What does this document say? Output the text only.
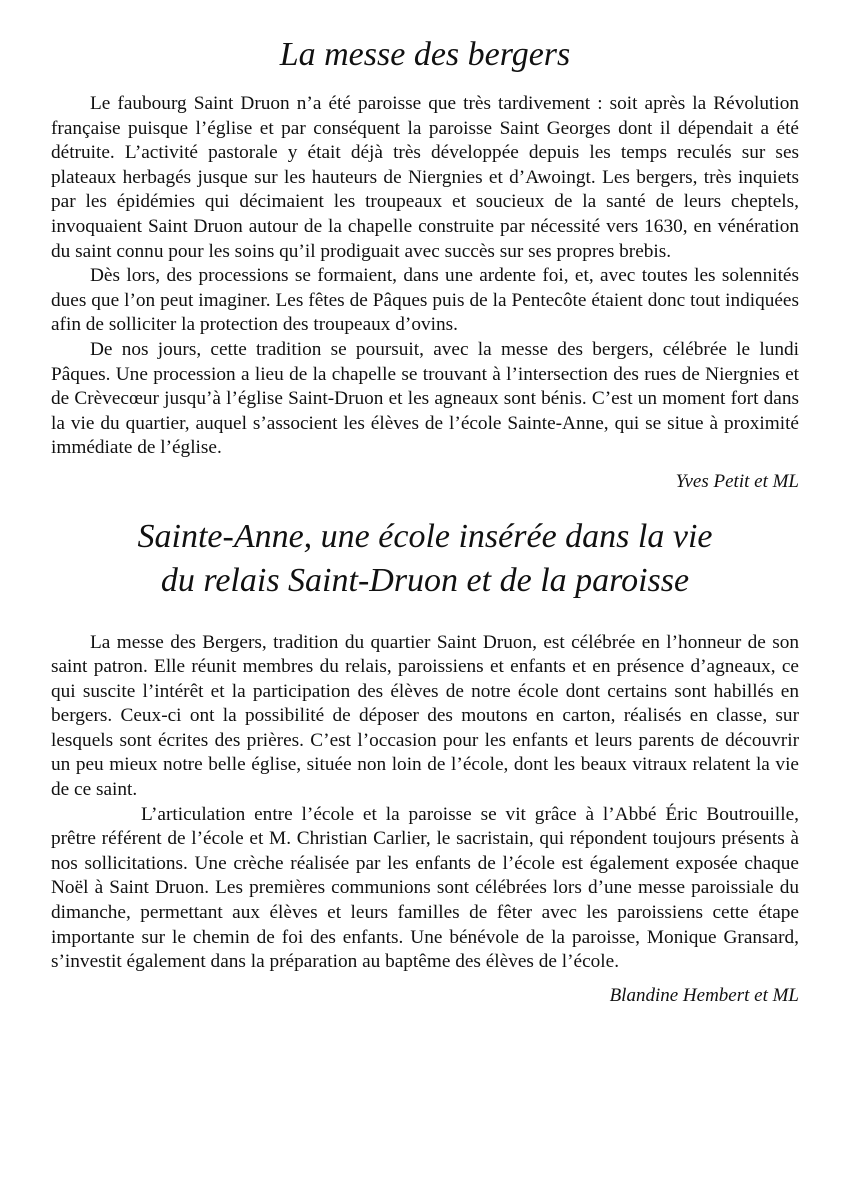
La messe des bergers

Le faubourg Saint Druon n’a été paroisse que très tardivement : soit après la Révolution française puisque l’église et par conséquent la paroisse Saint Georges dont il dépendait a été détruite. L’activité pastorale y était déjà très développée depuis les temps reculés sur ses plateaux herbagés jusque sur les hauteurs de Niergnies et d’Awoingt. Les bergers, très inquiets par les épidémies qui décimaient les troupeaux et soucieux de la santé de leurs cheptels, invoquaient Saint Druon autour de la chapelle construite par nécessité vers 1630, en vénération du saint connu pour les soins qu’il prodiguait avec succès sur ses propres brebis.

Dès lors, des processions se formaient, dans une ardente foi, et, avec toutes les solennités dues que l’on peut imaginer. Les fêtes de Pâques puis de la Pentecôte étaient donc tout indiquées afin de solliciter la protection des troupeaux d’ovins.

De nos jours, cette tradition se poursuit, avec la messe des bergers, célébrée le lundi Pâques. Une procession a lieu de la chapelle se trouvant à l’intersection des rues de Niergnies et de Crèvecœur jusqu’à l’église Saint-Druon et les agneaux sont bénis. C’est un moment fort dans la vie du quartier, auquel s’associent les élèves de l’école Sainte-Anne, qui se situe à proximité immédiate de l’église.

Yves Petit et ML

Sainte-Anne, une école insérée dans la vie
du relais Saint-Druon et de la paroisse

La messe des Bergers, tradition du quartier Saint Druon, est célébrée en l’honneur de son saint patron. Elle réunit membres du relais, paroissiens et enfants et en présence d’agneaux, ce qui suscite l’intérêt et la participation des élèves de notre école dont certains sont habillés en bergers. Ceux-ci ont la possibilité de déposer des moutons en carton, réalisés en classe, sur lesquels sont écrites des prières. C’est l’occasion pour les enfants et leurs parents de découvrir un peu mieux notre belle église, située non loin de l’école, dont les beaux vitraux relatent la vie de ce saint.

L’articulation entre l’école et la paroisse se vit grâce à l’Abbé Éric Boutrouille, prêtre référent de l’école et M. Christian Carlier, le sacristain, qui répondent toujours présents à nos sollicitations. Une crèche réalisée par les enfants de l’école est également exposée chaque Noël à Saint Druon. Les premières communions sont célébrées lors d’une messe paroissiale du dimanche, permettant aux élèves et leurs familles de fêter avec les paroissiens cette étape importante sur le chemin de foi des enfants. Une bénévole de la paroisse, Monique Gransard, s’investit également dans la préparation au baptême des élèves de l’école.

Blandine Hembert et ML
